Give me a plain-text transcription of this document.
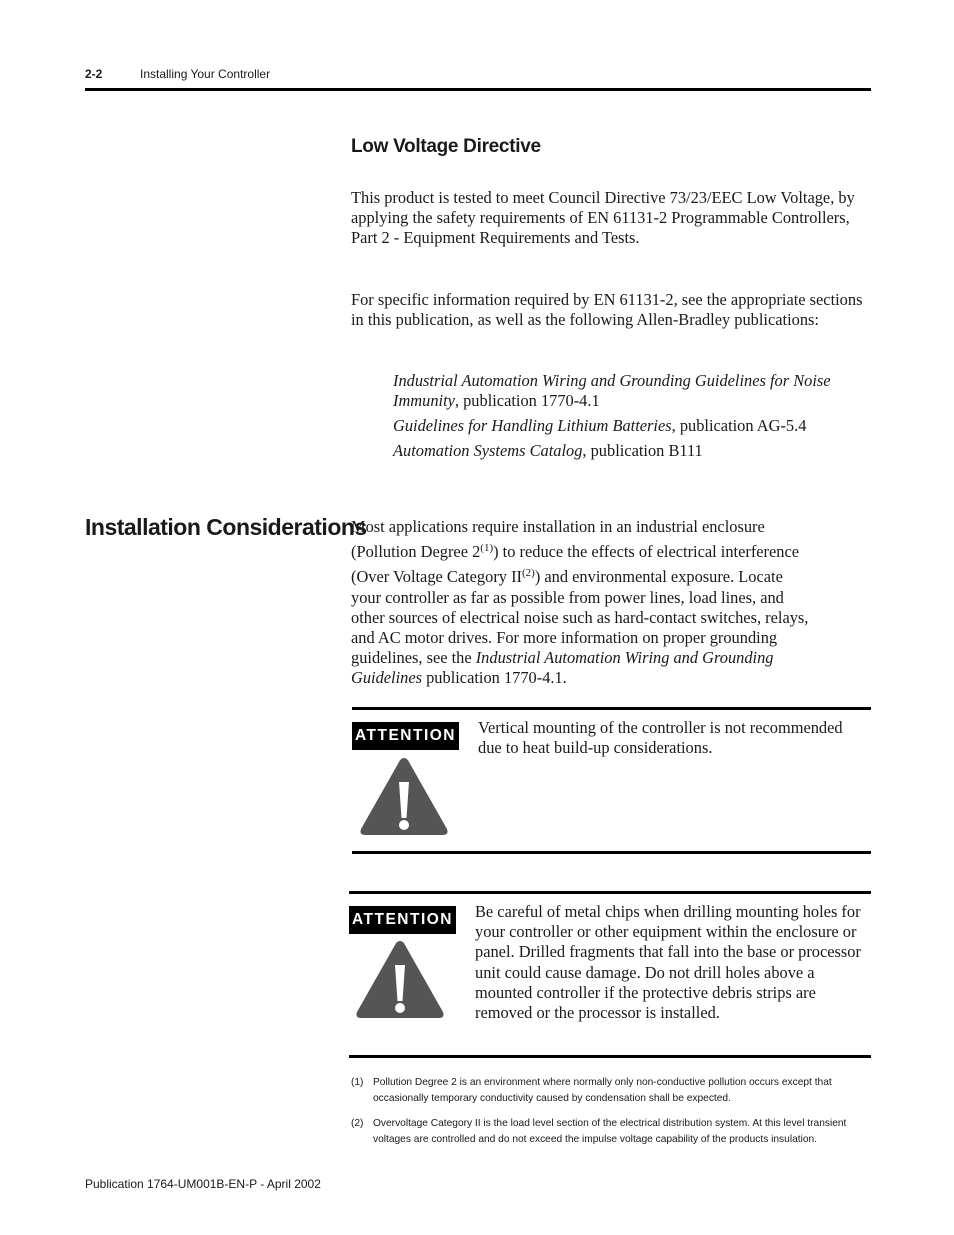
2-2	Installing Your Controller
Low Voltage Directive
This product is tested to meet Council Directive 73/23/EEC Low Voltage, by applying the safety requirements of EN 61131-2 Programmable Controllers, Part 2 - Equipment Requirements and Tests.
For specific information required by EN 61131-2, see the appropriate sections in this publication, as well as the following Allen-Bradley publications:
Industrial Automation Wiring and Grounding Guidelines for Noise Immunity, publication 1770-4.1
Guidelines for Handling Lithium Batteries, publication AG-5.4
Automation Systems Catalog, publication B111
Installation Considerations
Most applications require installation in an industrial enclosure
(Pollution Degree 2$^{(1)}$) to reduce the effects of electrical interference
(Over Voltage Category II$^{(2)}$) and environmental exposure. Locate
your controller as far as possible from power lines, load lines, and
other sources of electrical noise such as hard-contact switches, relays,
and AC motor drives. For more information on proper grounding
guidelines, see the Industrial Automation Wiring and Grounding
Guidelines publication 1770-4.1.
ATTENTION Vertical mounting of the controller is not recommended due to heat build-up considerations.
ATTENTION Be careful of metal chips when drilling mounting holes for your controller or other equipment within the enclosure or panel. Drilled fragments that fall into the base or processor unit could cause damage. Do not drill holes above a mounted controller if the protective debris strips are removed or the processor is installed.
(1) Pollution Degree 2 is an environment where normally only non-conductive pollution occurs except that occasionally temporary conductivity caused by condensation shall be expected.
(2) Overvoltage Category II is the load level section of the electrical distribution system. At this level transient voltages are controlled and do not exceed the impulse voltage capability of the products insulation.
Publication 1764-UM001B-EN-P - April 2002
